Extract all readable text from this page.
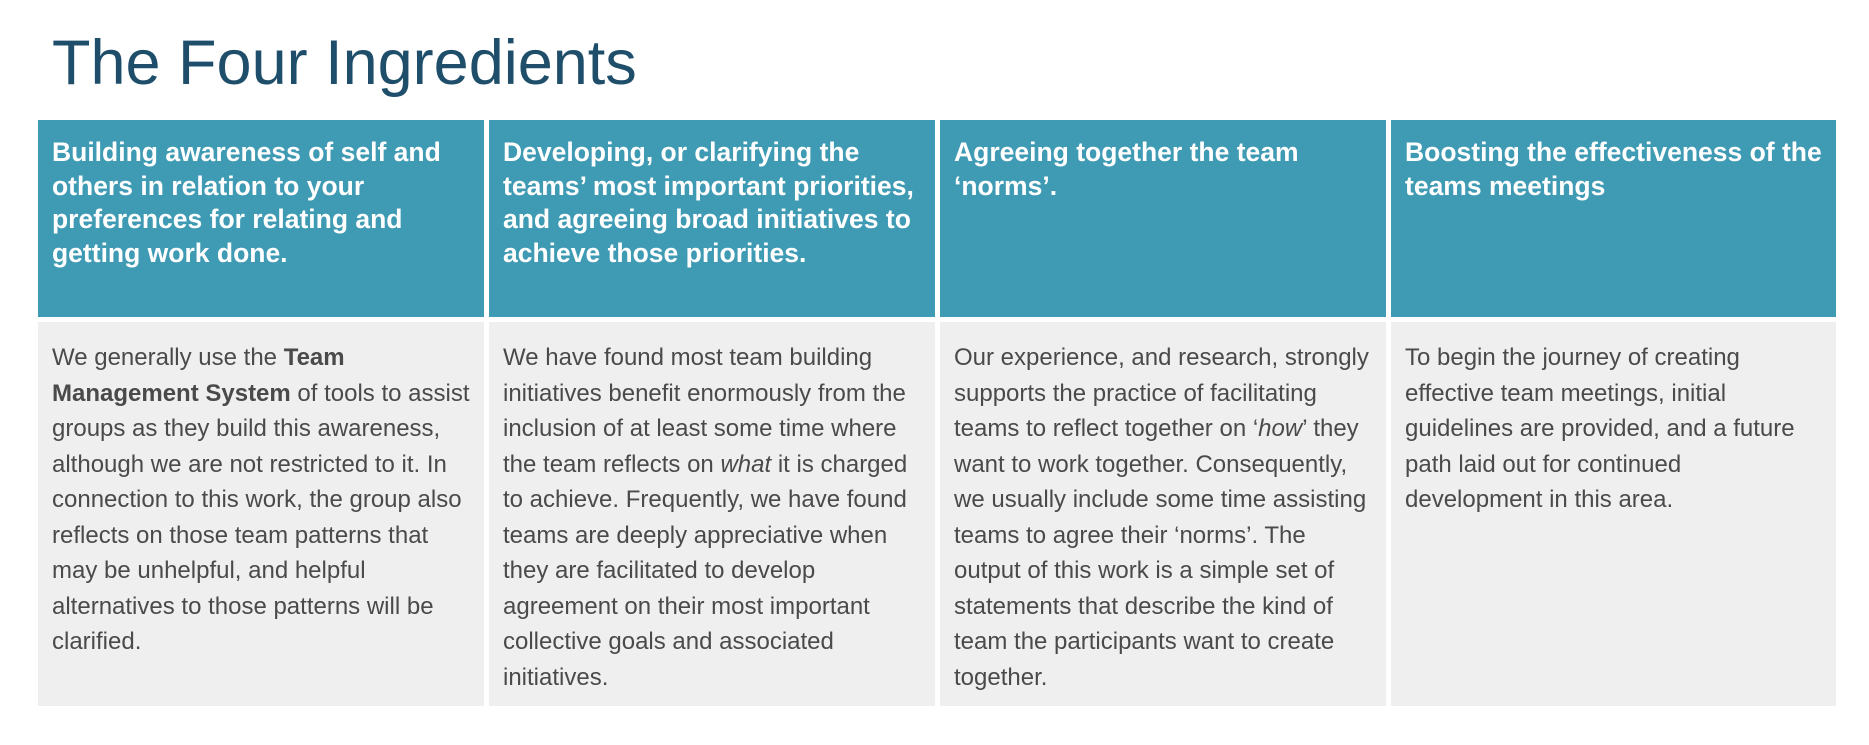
The Four Ingredients
Building awareness of self and others in relation to your preferences for relating and getting work done.
Developing, or clarifying the teams’ most important priorities, and agreeing broad initiatives to achieve those priorities.
Agreeing together the team ‘norms’.
Boosting the effectiveness of the teams meetings
We generally use the Team Management System of tools to assist groups as they build this awareness, although we are not restricted to it. In connection to this work, the group also reflects on those team patterns that may be unhelpful, and helpful alternatives to those patterns will be clarified.
We have found most team building initiatives benefit enormously from the inclusion of at least some time where the team reflects on what it is charged to achieve. Frequently, we have found teams are deeply appreciative when they are facilitated to develop agreement on their most important collective goals and associated initiatives.
Our experience, and research, strongly supports the practice of facilitating teams to reflect together on ‘how’ they want to work together. Consequently, we usually include some time assisting teams to agree their ‘norms’. The output of this work is a simple set of statements that describe the kind of team the participants want to create together.
To begin the journey of creating effective team meetings, initial guidelines are provided, and a future path laid out for continued development in this area.
